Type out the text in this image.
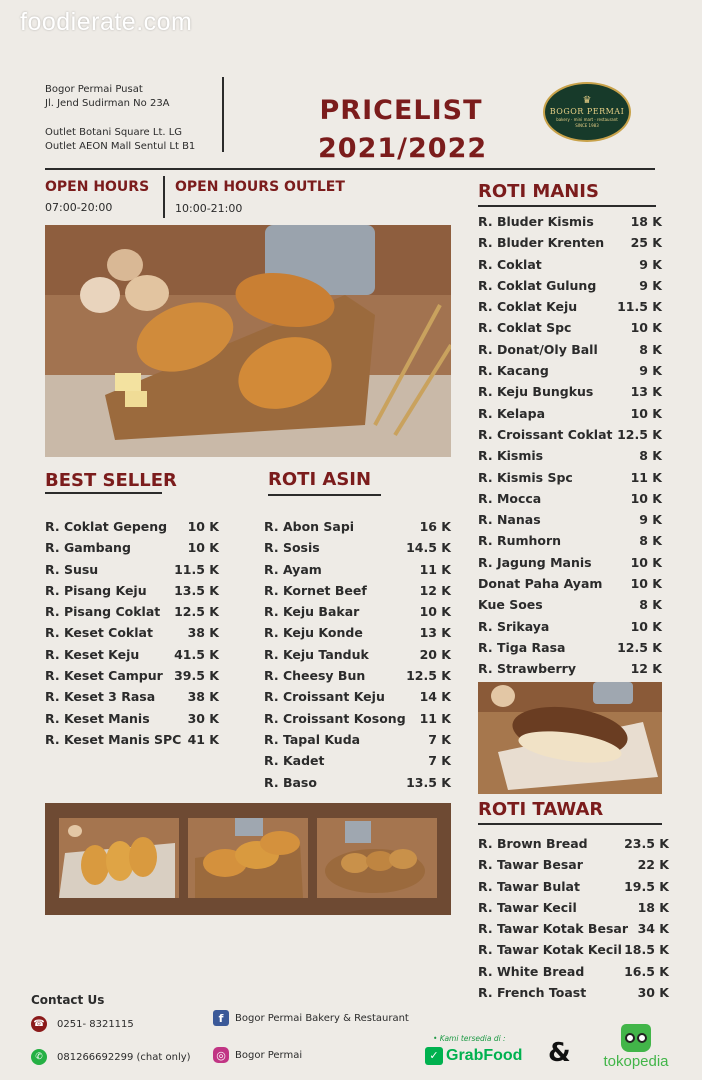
foodierate.com
Bogor Permai Pusat
Jl. Jend Sudirman No 23A
Outlet Botani Square Lt. LG
Outlet AEON Mall Sentul Lt B1
PRICELIST
2021/2022
♛
BOGOR PERMAI
bakery · mini mart · restaurant
SINCE 1983
OPEN HOURS
07:00-20:00
OPEN HOURS OUTLET
10:00-21:00
BEST SELLER
R. Coklat Gepeng 10 K
R. Gambang	10 K
R. Susu	11.5 K
R. Pisang Keju 13.5 K
R. Pisang Coklat 12.5 K
R. Keset Coklat	38 K
R. Keset Keju	41.5 K
R. Keset Campur 39.5 K
R. Keset 3 Rasa	38 K
R. Keset Manis	30 K
R. Keset Manis SPC 41 K
ROTI ASIN
R. Abon Sapi	16 K
R. Sosis	14.5 K
R. Ayam	11 K
R. Kornet Beef	12 K
R. Keju Bakar	10 K
R. Keju Konde	13 K
R. Keju Tanduk	20 K
R. Cheesy Bun	12.5 K
R. Croissant Keju	14 K
R. Croissant Kosong 11 K
R. Tapal Kuda	7 K
R. Kadet	7 K
R. Baso	13.5 K
ROTI MANIS
R. Bluder Kismis	18 K
R. Bluder Krenten 25 K
R. Coklat	9 K
R. Coklat Gulung	9 K
R. Coklat Keju	11.5 K
R. Coklat Spc	10 K
R. Donat/Oly Ball	8 K
R. Kacang	9 K
R. Keju Bungkus	13 K
R. Kelapa	10 K
R. Croissant Coklat 12.5 K
R. Kismis	8 K
R. Kismis Spc	11 K
R. Mocca	10 K
R. Nanas	9 K
R. Rumhorn	8 K
R. Jagung Manis	10 K
Donat Paha Ayam 10 K
Kue Soes	8 K
R. Srikaya	10 K
R. Tiga Rasa	12.5 K
R. Strawberry	12 K
ROTI TAWAR
R. Brown Bread	23.5 K
R. Tawar Besar	22 K
R. Tawar Bulat	19.5 K
R. Tawar Kecil	18 K
R. Tawar Kotak Besar 34 K
R. Tawar Kotak Kecil 18.5 K
R. White Bread	16.5 K
R. French Toast	30 K
Contact Us
☎ 0251- 8321115
✆	081266692299 (chat only)
f	Bogor Permai Bakery & Restaurant
◎ Bogor Permai
• Kami tersedia di :
✓ GrabFood &	tokopedia
